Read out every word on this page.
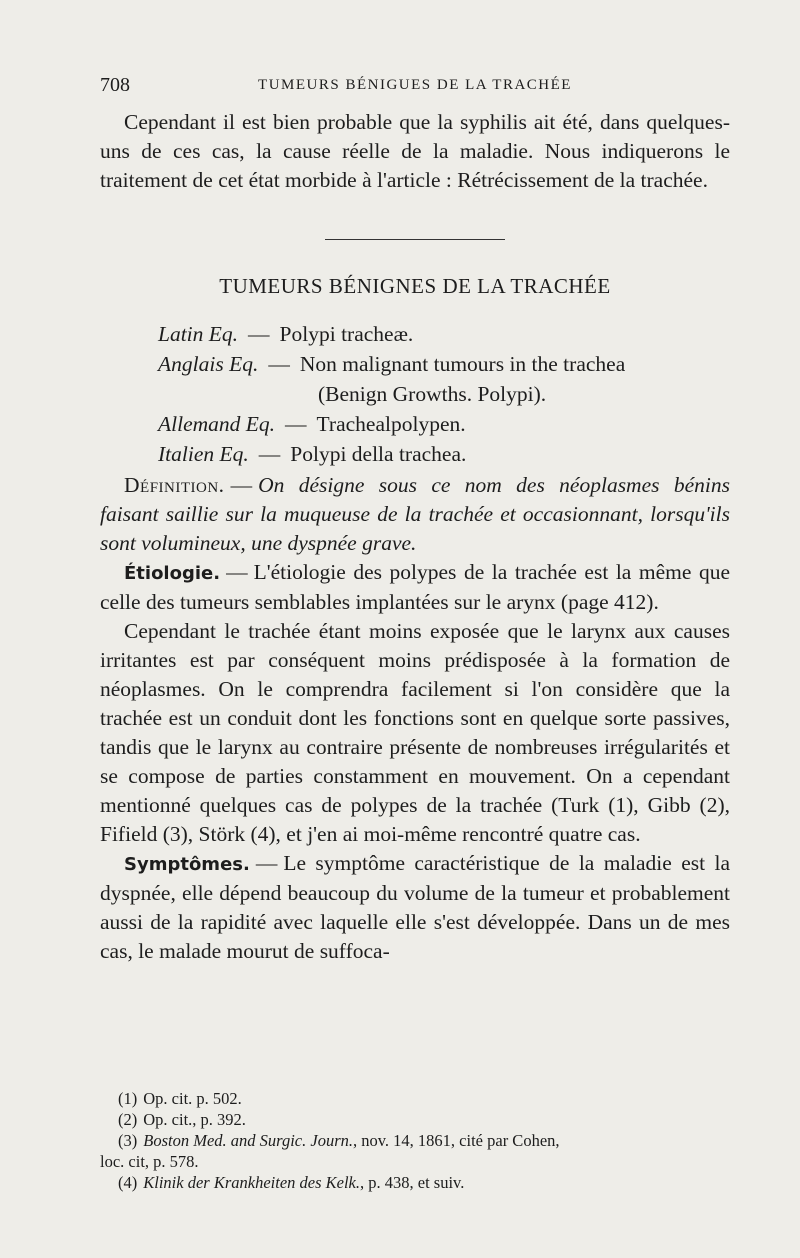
708	TUMEURS BÉNIGUES DE LA TRACHÉE

Cependant il est bien probable que la syphilis ait été, dans quelques-uns de ces cas, la cause réelle de la maladie. Nous indiquerons le traitement de cet état morbide à l'article : Rétrécissement de la trachée.

TUMEURS BÉNIGNES DE LA TRACHÉE
Latin Eq. — Polypi tracheæ.
Anglais Eq. — Non malignant tumours in the trachea
(Benign Growths. Polypi).
Allemand Eq. — Trachealpolypen.
Italien Eq. — Polypi della trachea.

Définition. — On désigne sous ce nom des néoplasmes bénins faisant saillie sur la muqueuse de la trachée et occasionnant, lorsqu'ils sont volumineux, une dyspnée grave.

Étiologie. — L'étiologie des polypes de la trachée est la même que celle des tumeurs semblables implantées sur le arynx (page 412).

Cependant le trachée étant moins exposée que le larynx aux causes irritantes est par conséquent moins prédisposée à la formation de néoplasmes. On le comprendra facilement si l'on considère que la trachée est un conduit dont les fonctions sont en quelque sorte passives, tandis que le larynx au contraire présente de nombreuses irrégularités et se compose de parties constamment en mouvement. On a cependant mentionné quelques cas de polypes de la trachée (Turk (1), Gibb (2), Fifield (3), Störk (4), et j'en ai moi-même rencontré quatre cas.

Symptômes. — Le symptôme caractéristique de la maladie est la dyspnée, elle dépend beaucoup du volume de la tumeur et probablement aussi de la rapidité avec laquelle elle s'est développée. Dans un de mes cas, le malade mourut de suffoca-

(1) Op. cit. p. 502.
(2) Op. cit., p. 392.
(3) Boston Med. and Surgic. Journ., nov. 14, 1861, cité par Cohen,
loc. cit, p. 578.
(4) Klinik der Krankheiten des Kelk., p. 438, et suiv.
